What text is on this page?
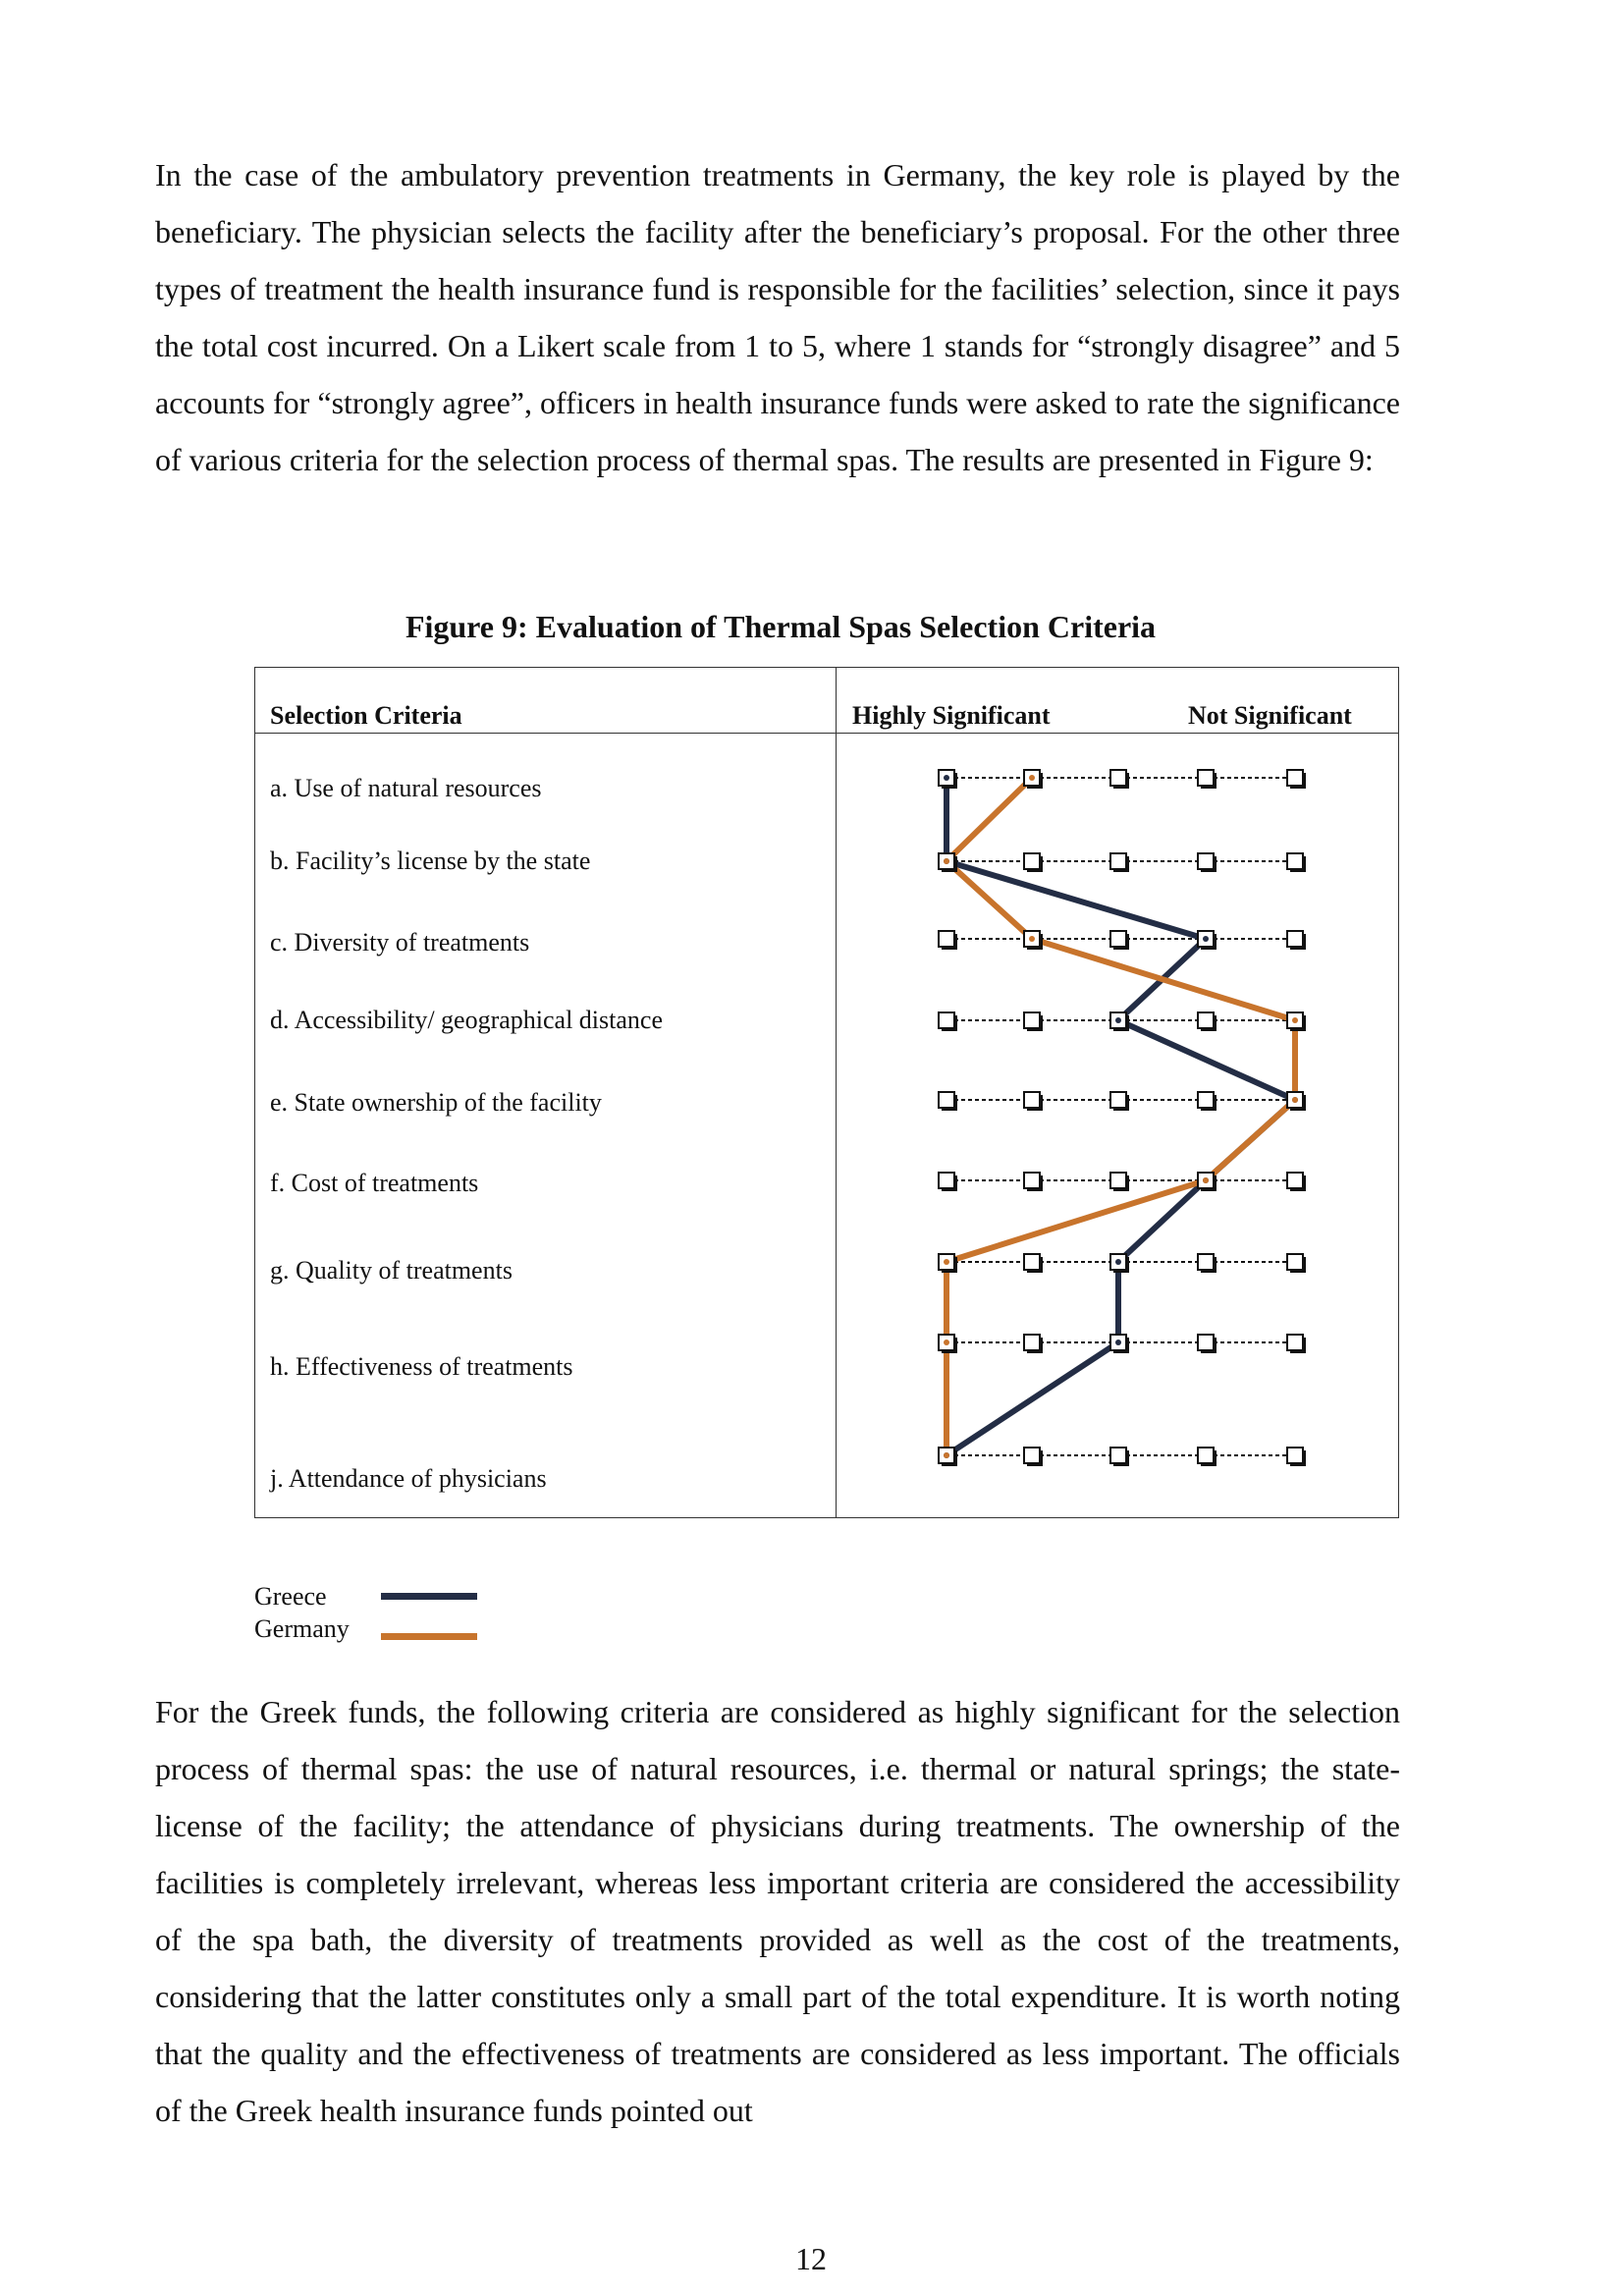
In the case of the ambulatory prevention treatments in Germany, the key role is played by the beneficiary. The physician selects the facility after the beneficiary’s proposal. For the other three types of treatment the health insurance fund is responsible for the facilities’ selection, since it pays the total cost incurred. On a Likert scale from 1 to 5, where 1 stands for “strongly disagree” and 5 accounts for “strongly agree”, officers in health insurance funds were asked to rate the significance of various criteria for the selection process of thermal spas. The results are presented in Figure 9:

Figure 9: Evaluation of Thermal Spas Selection Criteria
Selection Criteria	Highly Significant	Not Significant
a. Use of natural resources
b. Facility’s license by the state
c. Diversity of treatments
d. Accessibility/ geographical distance
e. State ownership of the facility
f. Cost of treatments
g. Quality of treatments
h. Effectiveness of treatments
j. Attendance of physicians
Greece
Germany

For the Greek funds, the following criteria are considered as highly significant for the selection process of thermal spas: the use of natural resources, i.e. thermal or natural springs; the state-license of the facility; the attendance of physicians during treatments. The ownership of the facilities is completely irrelevant, whereas less important criteria are considered the accessibility of the spa bath, the diversity of treatments provided as well as the cost of the treatments, considering that the latter constitutes only a small part of the total expenditure. It is worth noting that the quality and the effectiveness of treatments are considered as less important. The officials of the Greek health insurance funds pointed out

12
